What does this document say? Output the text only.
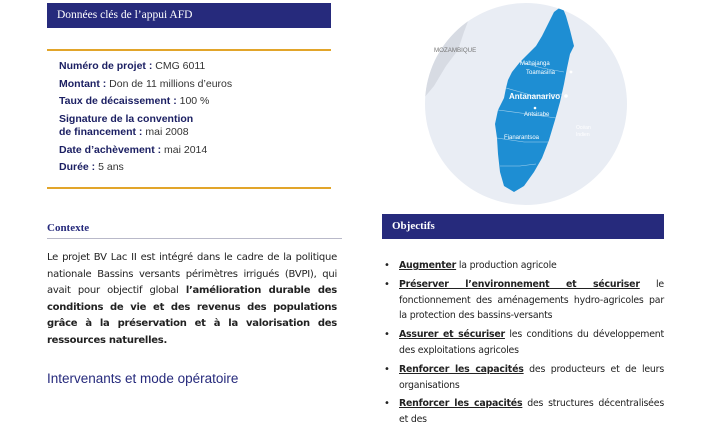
Données clés de l’appui AFD
Numéro de projet : CMG 6011
Montant : Don de 11 millions d’euros
Taux de décaissement : 100 %
Signature de la convention
de financement : mai 2008
Date d’achèvement : mai 2014
Durée : 5 ans
MOZAMBIQUE
Mahajanga
Toamasina
Antananarivo
Antsirabe
Fianarantsoa
Océan
Indien
Contexte

Le projet BV Lac II est intégré dans le cadre de la politique nationale Bassins versants périmètres irrigués (BVPI), qui avait pour objectif global l’amélioration durable des conditions de vie et des revenus des populations grâce à la préservation et à la valorisation des ressources naturelles.

Intervenants et mode opératoire
Objectifs
• Augmenter la production agricole
• Préserver l’environnement et sécuriser le fonctionnement des aménagements hydro-agricoles par la protection des bassins-versants
• Assurer et sécuriser les conditions du développement des exploitations agricoles
• Renforcer les capacités des producteurs et de leurs organisations
• Renforcer les capacités des structures décentralisées et des
